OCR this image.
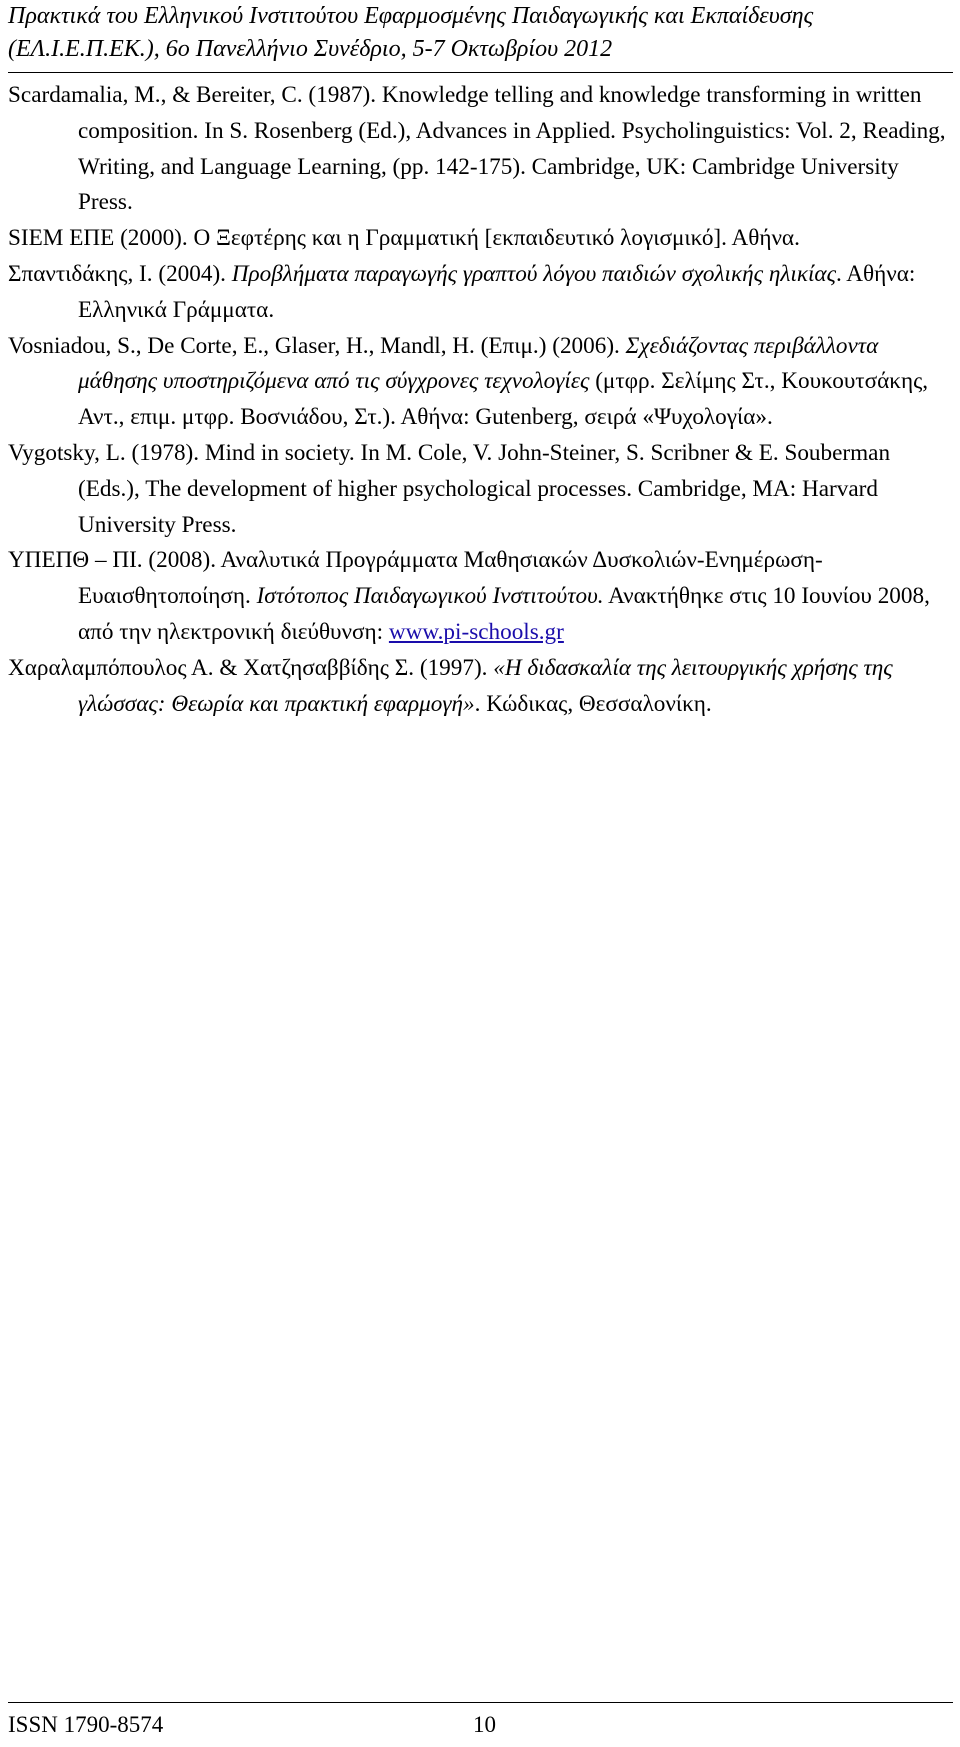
Πρακτικά του Ελληνικού Ινστιτούτου Εφαρμοσμένης Παιδαγωγικής και Εκπαίδευσης
(ΕΛ.Ι.Ε.Π.ΕΚ.), 6ο Πανελλήνιο Συνέδριο, 5-7 Οκτωβρίου 2012

Scardamalia, M., & Bereiter, C. (1987). Knowledge telling and knowledge transforming in written composition. In S. Rosenberg (Ed.), Advances in Applied. Psycholinguistics: Vol. 2, Reading, Writing, and Language Learning, (pp. 142-175). Cambridge, UK: Cambridge University Press.

SIEM ΕΠΕ (2000). O Ξεφτέρης και η Γραμματική [εκπαιδευτικό λογισμικό]. Αθήνα.

Σπαντιδάκης, Ι. (2004). Προβλήματα παραγωγής γραπτού λόγου παιδιών σχολικής ηλικίας. Αθήνα: Ελληνικά Γράμματα.

Vosniadou, S., De Corte, E., Glaser, H., Mandl, H. (Επιμ.) (2006). Σχεδιάζοντας περιβάλλοντα μάθησης υποστηριζόμενα από τις σύγχρονες τεχνολογίες (μτφρ. Σελίμης Στ., Κουκουτσάκης, Αντ., επιμ. μτφρ. Βοσνιάδου, Στ.). Αθήνα: Gutenberg, σειρά «Ψυχολογία».

Vygotsky, L. (1978). Mind in society. In M. Cole, V. John-Steiner, S. Scribner & E. Souberman (Eds.), The development of higher psychological processes. Cambridge, MA: Harvard University Press.

ΥΠΕΠΘ – ΠΙ. (2008). Αναλυτικά Προγράμματα Μαθησιακών Δυσκολιών-Ενημέρωση-Ευαισθητοποίηση. Ιστότοπος Παιδαγωγικού Ινστιτούτου. Ανακτήθηκε στις 10 Ιουνίου 2008, από την ηλεκτρονική διεύθυνση: www.pi-schools.gr

Χαραλαμπόπουλος Α. & Χατζησαββίδης Σ. (1997). «Η διδασκαλία της λειτουργικής χρήσης της γλώσσας: Θεωρία και πρακτική εφαρμογή». Κώδικας, Θεσσαλονίκη.

ISSN 1790-8574	10
